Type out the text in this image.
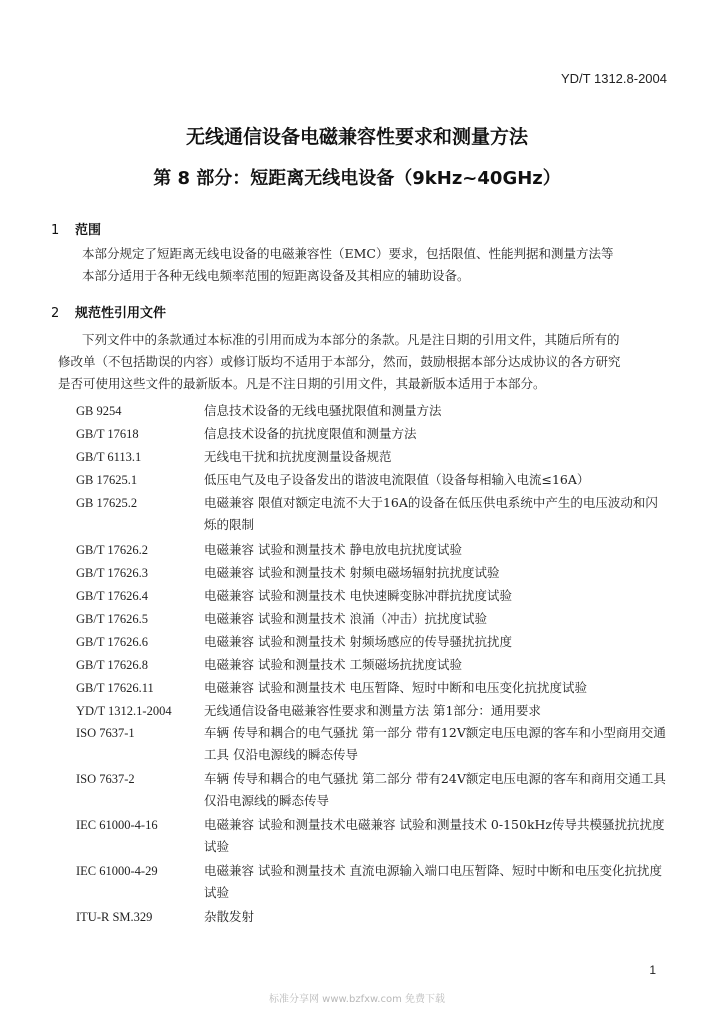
YD/T 1312.8-2004
无线通信设备电磁兼容性要求和测量方法
第 8 部分：短距离无线电设备（9kHz~40GHz）
1 范围

本部分规定了短距离无线电设备的电磁兼容性（EMC）要求，包括限值、性能判据和测量方法等

本部分适用于各种无线电频率范围的短距离设备及其相应的辅助设备。

2 规范性引用文件

下列文件中的条款通过本标准的引用而成为本部分的条款。凡是注日期的引用文件，其随后所有的

修改单（不包括勘误的内容）或修订版均不适用于本部分，然而，鼓励根据本部分达成协议的各方研究

是否可使用这些文件的最新版本。凡是不注日期的引用文件，其最新版本适用于本部分。

GB 9254	信息技术设备的无线电骚扰限值和测量方法
GB/T 17618	信息技术设备的抗扰度限值和测量方法
GB/T 6113.1	无线电干扰和抗扰度测量设备规范
GB 17625.1	低压电气及电子设备发出的谐波电流限值（设备每相输入电流≤16A）
GB 17625.2	电磁兼容 限值对额定电流不大于16A的设备在低压供电系统中产生的电压波动和闪烁的限制
GB/T 17626.2	电磁兼容 试验和测量技术 静电放电抗扰度试验
GB/T 17626.3	电磁兼容 试验和测量技术 射频电磁场辐射抗扰度试验
GB/T 17626.4	电磁兼容 试验和测量技术 电快速瞬变脉冲群抗扰度试验
GB/T 17626.5	电磁兼容 试验和测量技术 浪涌（冲击）抗扰度试验
GB/T 17626.6	电磁兼容 试验和测量技术 射频场感应的传导骚扰抗扰度
GB/T 17626.8	电磁兼容 试验和测量技术 工频磁场抗扰度试验
GB/T 17626.11	电磁兼容 试验和测量技术 电压暂降、短时中断和电压变化抗扰度试验
YD/T 1312.1-2004	无线通信设备电磁兼容性要求和测量方法 第1部分：通用要求
ISO 7637-1	车辆 传导和耦合的电气骚扰 第一部分 带有12V额定电压电源的客车和小型商用交通工具 仅沿电源线的瞬态传导
ISO 7637-2	车辆 传导和耦合的电气骚扰 第二部分 带有24V额定电压电源的客车和商用交通工具 仅沿电源线的瞬态传导
IEC 61000-4-16	电磁兼容 试验和测量技术电磁兼容 试验和测量技术 0-150kHz传导共模骚扰抗扰度试验
IEC 61000-4-29	电磁兼容 试验和测量技术 直流电源输入端口电压暂降、短时中断和电压变化抗扰度试验
ITU-R SM.329	杂散发射
1
标准分享网 www.bzfxw.com 免费下载
